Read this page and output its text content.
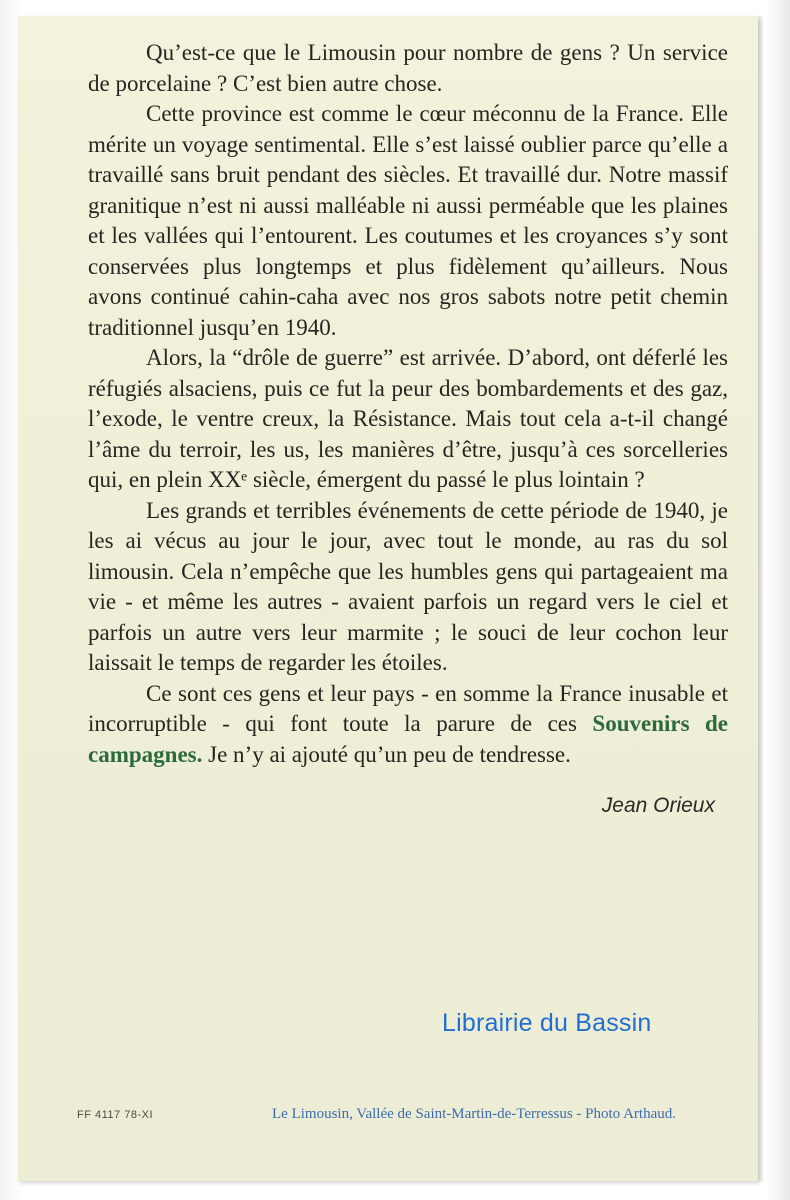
Qu’est-ce que le Limousin pour nombre de gens ? Un service de porcelaine ? C’est bien autre chose.

Cette province est comme le cœur méconnu de la France. Elle mérite un voyage sentimental. Elle s’est laissé oublier parce qu’elle a travaillé sans bruit pendant des siècles. Et travaillé dur. Notre massif granitique n’est ni aussi malléable ni aussi perméable que les plaines et les vallées qui l’entourent. Les coutumes et les croyances s’y sont conservées plus longtemps et plus fidèlement qu’ailleurs. Nous avons continué cahin-caha avec nos gros sabots notre petit chemin traditionnel jusqu’en 1940.

Alors, la “drôle de guerre” est arrivée. D’abord, ont déferlé les réfugiés alsaciens, puis ce fut la peur des bombardements et des gaz, l’exode, le ventre creux, la Résistance. Mais tout cela a-t-il changé l’âme du terroir, les us, les manières d’être, jusqu’à ces sorcelleries qui, en plein XXᵉ siècle, émergent du passé le plus lointain ?

Les grands et terribles événements de cette période de 1940, je les ai vécus au jour le jour, avec tout le monde, au ras du sol limousin. Cela n’empêche que les humbles gens qui partageaient ma vie - et même les autres - avaient parfois un regard vers le ciel et parfois un autre vers leur marmite ; le souci de leur cochon leur laissait le temps de regarder les étoiles.

Ce sont ces gens et leur pays - en somme la France inusable et incorruptible - qui font toute la parure de ces Souvenirs de campagnes. Je n’y ai ajouté qu’un peu de tendresse.

Jean Orieux
Librairie du Bassin
FF 4117 78-XI	Le Limousin, Vallée de Saint-Martin-de-Terressus - Photo Arthaud.
